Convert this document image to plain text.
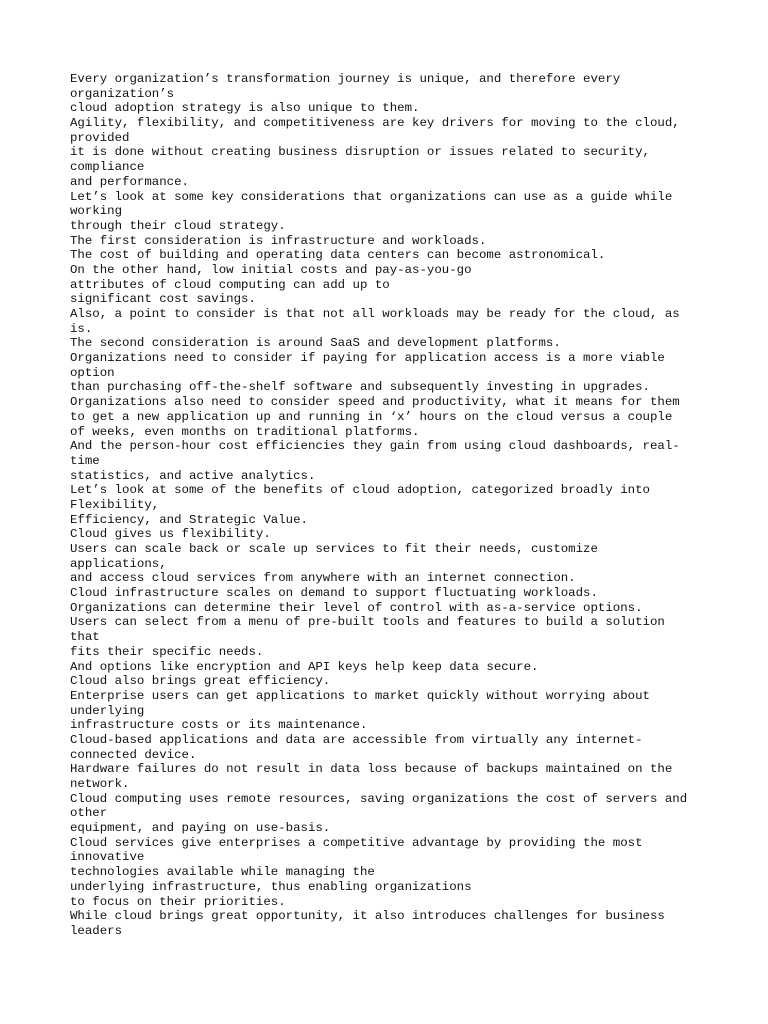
Every organization’s transformation journey is unique, and therefore every
organization’s
cloud adoption strategy is also unique to them.
Agility, flexibility, and competitiveness are key drivers for moving to the cloud,
provided
it is done without creating business disruption or issues related to security,
compliance
and performance.
Let’s look at some key considerations that organizations can use as a guide while
working
through their cloud strategy.
The first consideration is infrastructure and workloads.
The cost of building and operating data centers can become astronomical.
On the other hand, low initial costs and pay-as-you-go
attributes of cloud computing can add up to
significant cost savings.
Also, a point to consider is that not all workloads may be ready for the cloud, as
is.
The second consideration is around SaaS and development platforms.
Organizations need to consider if paying for application access is a more viable
option
than purchasing off-the-shelf software and subsequently investing in upgrades.
Organizations also need to consider speed and productivity, what it means for them
to get a new application up and running in ‘x’ hours on the cloud versus a couple
of weeks, even months on traditional platforms.
And the person-hour cost efficiencies they gain from using cloud dashboards, real-
time
statistics, and active analytics.
Let’s look at some of the benefits of cloud adoption, categorized broadly into
Flexibility,
Efficiency, and Strategic Value.
Cloud gives us flexibility.
Users can scale back or scale up services to fit their needs, customize
applications,
and access cloud services from anywhere with an internet connection.
Cloud infrastructure scales on demand to support fluctuating workloads.
Organizations can determine their level of control with as-a-service options.
Users can select from a menu of pre-built tools and features to build a solution
that
fits their specific needs.
And options like encryption and API keys help keep data secure.
Cloud also brings great efficiency.
Enterprise users can get applications to market quickly without worrying about
underlying
infrastructure costs or its maintenance.
Cloud-based applications and data are accessible from virtually any internet-
connected device.
Hardware failures do not result in data loss because of backups maintained on the
network.
Cloud computing uses remote resources, saving organizations the cost of servers and
other
equipment, and paying on use-basis.
Cloud services give enterprises a competitive advantage by providing the most
innovative
technologies available while managing the
underlying infrastructure, thus enabling organizations
to focus on their priorities.
While cloud brings great opportunity, it also introduces challenges for business
leaders
